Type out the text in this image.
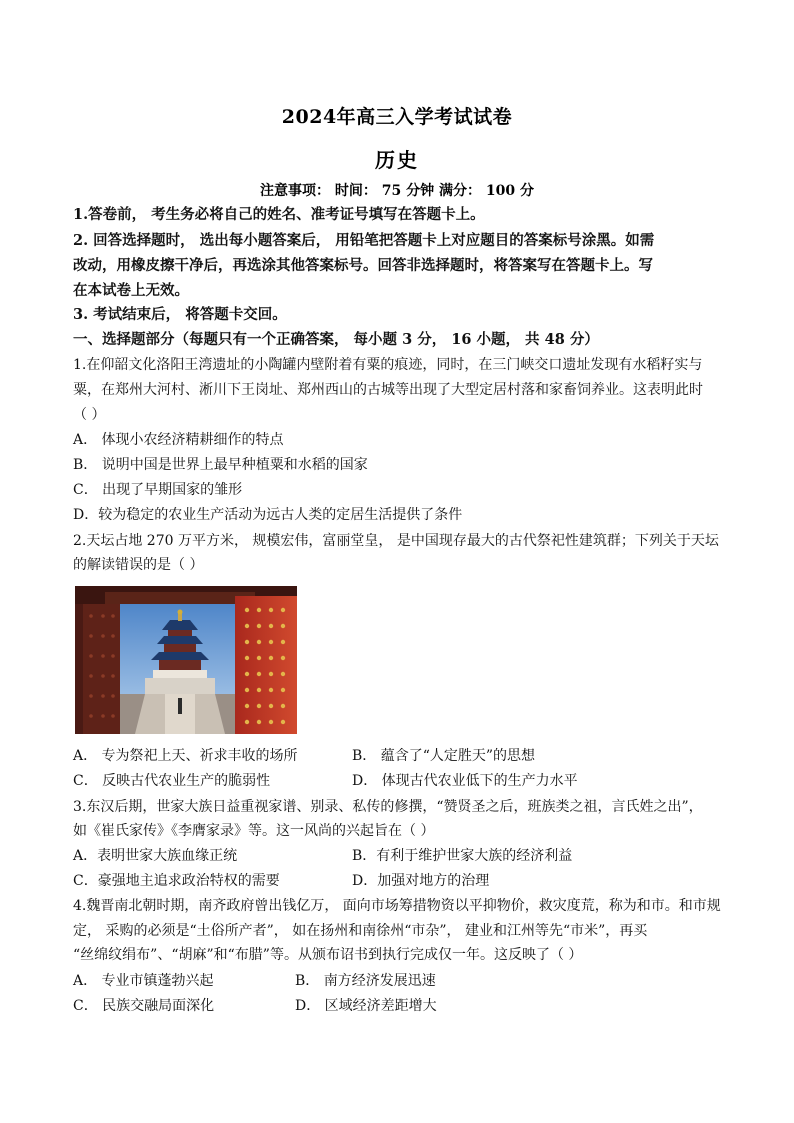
2024年高三入学考试试卷
历史
注意事项： 时间： 75 分钟 满分： 100 分
1.答卷前， 考生务必将自己的姓名、准考证号填写在答题卡上。
2. 回答选择题时， 选出每小题答案后， 用铅笔把答题卡上对应题目的答案标号涂黑。如需
改动，用橡皮擦干净后，再选涂其他答案标号。回答非选择题时，将答案写在答题卡上。写
在本试卷上无效。
3. 考试结束后， 将答题卡交回。
一、选择题部分（每题只有一个正确答案， 每小题 3 分， 16 小题， 共 48 分）
1.在仰韶文化洛阳王湾遗址的小陶罐内壁附着有粟的痕迹，同时，在三门峡交口遗址发现有水稻籽实与
粟，在郑州大河村、淅川下王岗址、郑州西山的古城等出现了大型定居村落和家畜饲养业。这表明此时
（ ）
A． 体现小农经济精耕细作的特点
B． 说明中国是世界上最早种植粟和水稻的国家
C． 出现了早期国家的雏形
D．较为稳定的农业生产活动为远古人类的定居生活提供了条件
2.天坛占地 270 万平方米， 规模宏伟，富丽堂皇， 是中国现存最大的古代祭祀性建筑群；下列关于天坛
的解读错误的是（ ）
A． 专为祭祀上天、祈求丰收的场所	B． 蕴含了“人定胜天”的思想
C． 反映古代农业生产的脆弱性	D． 体现古代农业低下的生产力水平
3.东汉后期，世家大族日益重视家谱、别录、私传的修撰，“赞贤圣之后，班族类之祖，言氏姓之出”，
如《崔氏家传》《李膺家录》等。这一风尚的兴起旨在（ ）
A．表明世家大族血缘正统	B．有利于维护世家大族的经济利益
C．豪强地主追求政治特权的需要	D．加强对地方的治理
4.魏晋南北朝时期，南齐政府曾出钱亿万， 面向市场筹措物资以平抑物价，救灾度荒，称为和市。和市规
定， 采购的必须是“土俗所产者”， 如在扬州和南徐州“市杂”， 建业和江州等先“市米”，再买
“丝绵纹绢布”、“胡麻”和“布腊”等。从颁布诏书到执行完成仅一年。这反映了（ ）
A． 专业市镇蓬勃兴起	B． 南方经济发展迅速
C． 民族交融局面深化	D． 区域经济差距增大
